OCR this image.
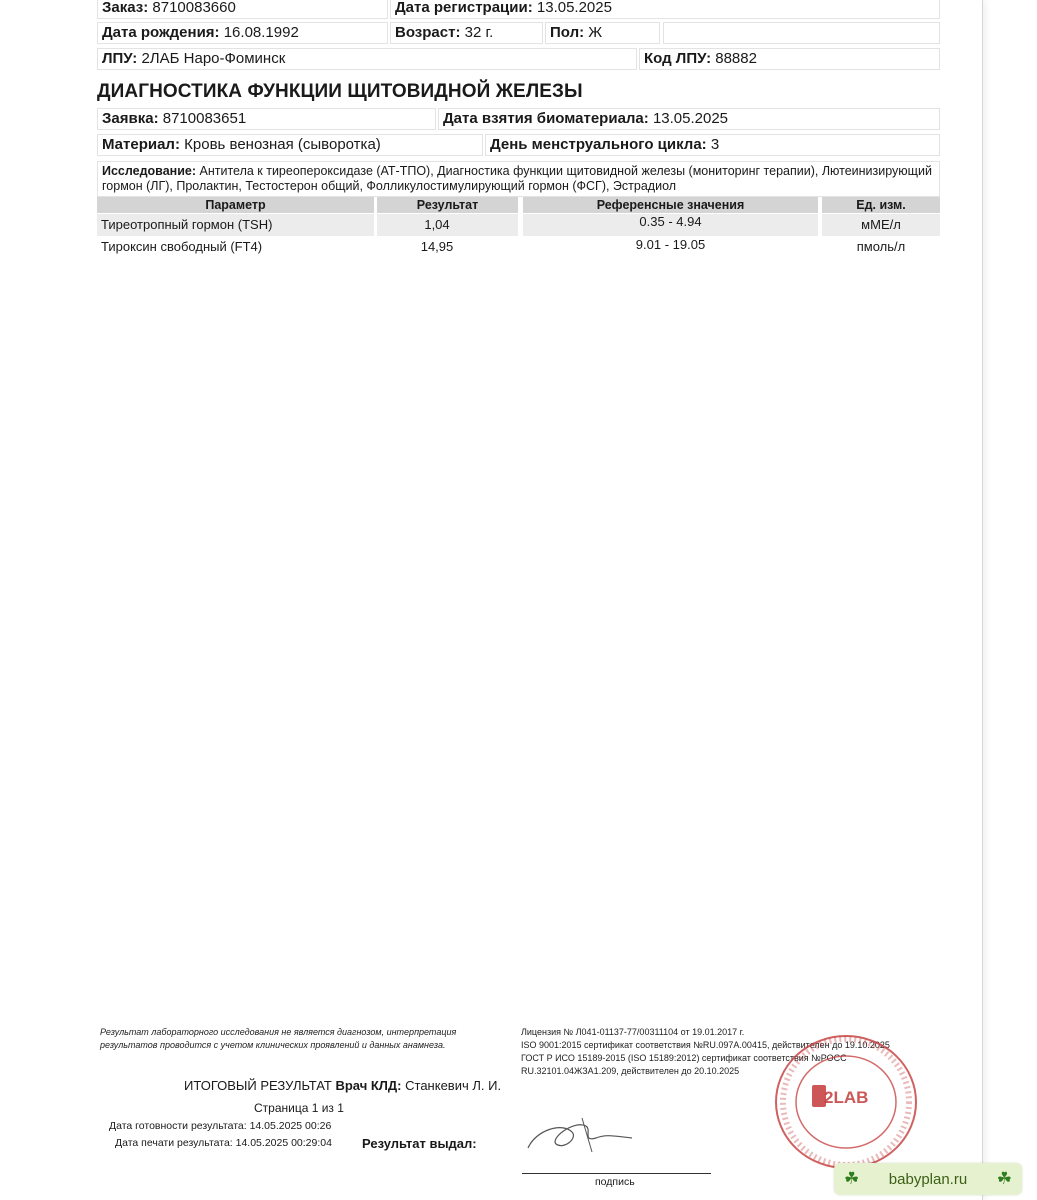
Заказ: 8710083660	Дата регистрации: 13.05.2025
Дата рождения: 16.08.1992	Возраст: 32 г.	Пол: Ж
ЛПУ: 2ЛАБ Наро-Фоминск	Код ЛПУ: 88882
ДИАГНОСТИКА ФУНКЦИИ ЩИТОВИДНОЙ ЖЕЛЕЗЫ
Заявка: 8710083651	Дата взятия биоматериала: 13.05.2025
Материал: Кровь венозная (сыворотка)	День менструального цикла: 3
Исследование: Антитела к тиреопероксидазе (АТ-ТПО), Диагностика функции щитовидной железы (мониторинг терапии), Лютеинизирующий гормон (ЛГ), Пролактин, Тестостерон общий, Фолликулостимулирующий гормон (ФСГ), Эстрадиол
Параметр	Результат	Референсные значения	Ед. изм.
Тиреотропный гормон (TSH)	1,04	0.35 - 4.94	мМЕ/л
Тироксин свободный (FT4)	14,95	9.01 - 19.05	пмоль/л
Результат лабораторного исследования не является диагнозом, интерпретация
результатов проводится с учетом клинических проявлений и данных анамнеза.
Лицензия № Л041-01137-77/00311104 от 19.01.2017 г.
ISO 9001:2015 сертификат соответствия №RU.097А.00415, действителен до 19.10.2025
ГОСТ Р ИСО 15189-2015 (ISO 15189:2012) сертификат соответствия №РОСС
RU.32101.04ЖЗА1.209, действителен до 20.10.2025
ИТОГОВЫЙ РЕЗУЛЬТАТ Врач КЛД: Станкевич Л. И.
Страница 1 из 1
Дата готовности результата: 14.05.2025 00:26
Дата печати результата: 14.05.2025 00:29:04 Результат выдал:
подпись
2LAB
☘ babyplan.ru ☘
